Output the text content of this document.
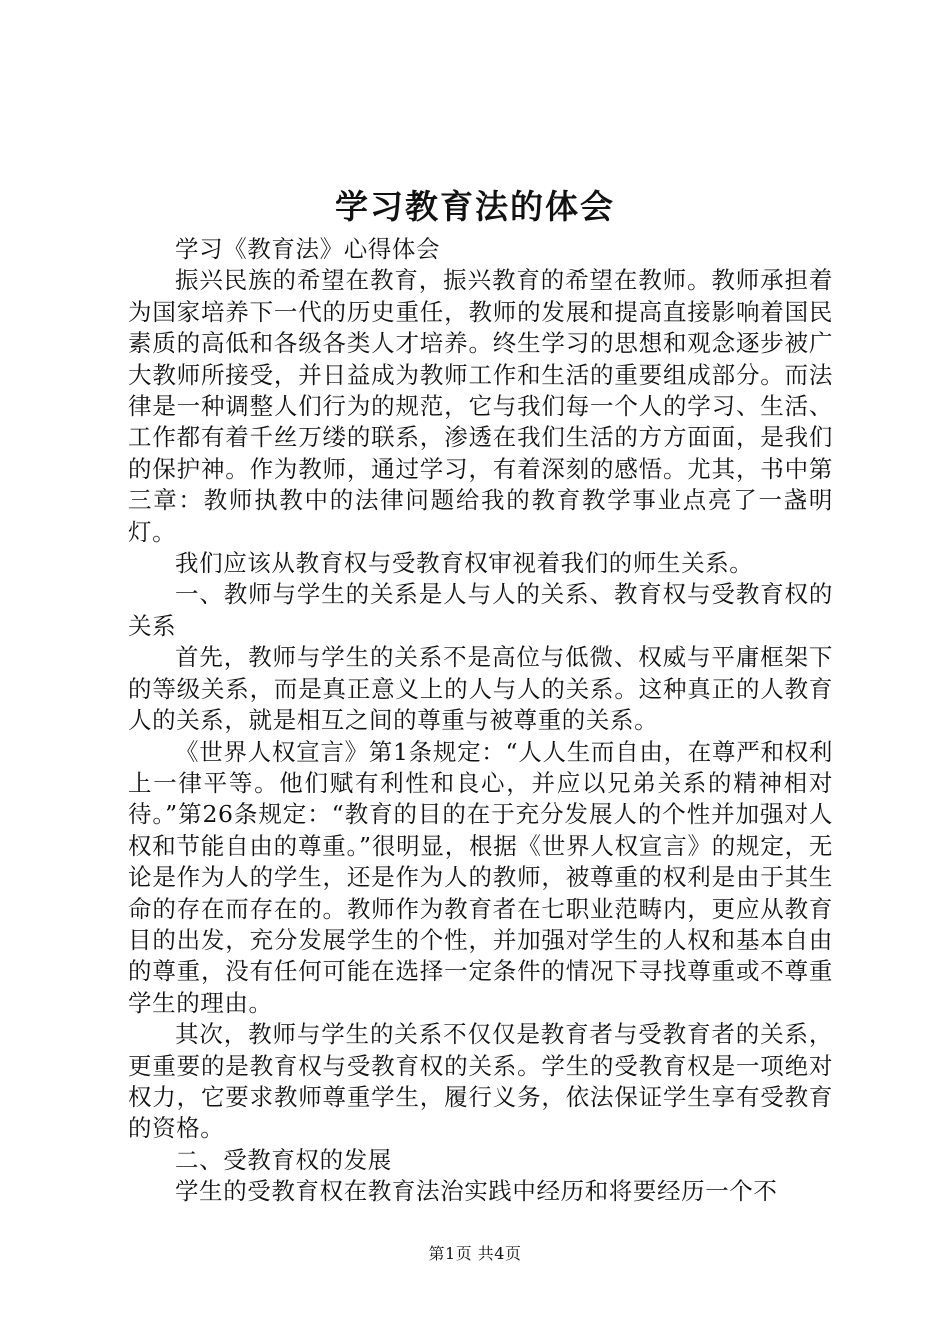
学习教育法的体会

学习《教育法》心得体会

振兴民族的希望在教育，振兴教育的希望在教师。教师承担着为国家培养下一代的历史重任，教师的发展和提高直接影响着国民素质的高低和各级各类人才培养。终生学习的思想和观念逐步被广大教师所接受，并日益成为教师工作和生活的重要组成部分。而法律是一种调整人们行为的规范，它与我们每一个人的学习、生活、工作都有着千丝万缕的联系，渗透在我们生活的方方面面，是我们的保护神。作为教师，通过学习，有着深刻的感悟。尤其，书中第三章：教师执教中的法律问题给我的教育教学事业点亮了一盏明灯。

我们应该从教育权与受教育权审视着我们的师生关系。

一、教师与学生的关系是人与人的关系、教育权与受教育权的关系

首先，教师与学生的关系不是高位与低微、权威与平庸框架下的等级关系，而是真正意义上的人与人的关系。这种真正的人教育人的关系，就是相互之间的尊重与被尊重的关系。

《世界人权宣言》第1条规定：“人人生而自由，在尊严和权利上一律平等。他们赋有利性和良心，并应以兄弟关系的精神相对待。”第26条规定：“教育的目的在于充分发展人的个性并加强对人权和节能自由的尊重。”很明显，根据《世界人权宣言》的规定，无论是作为人的学生，还是作为人的教师，被尊重的权利是由于其生命的存在而存在的。教师作为教育者在七职业范畴内，更应从教育目的出发，充分发展学生的个性，并加强对学生的人权和基本自由的尊重，没有任何可能在选择一定条件的情况下寻找尊重或不尊重学生的理由。

其次，教师与学生的关系不仅仅是教育者与受教育者的关系，更重要的是教育权与受教育权的关系。学生的受教育权是一项绝对权力，它要求教师尊重学生，履行义务，依法保证学生享有受教育的资格。

二、受教育权的发展

学生的受教育权在教育法治实践中经历和将要经历一个不

第1页 共4页
